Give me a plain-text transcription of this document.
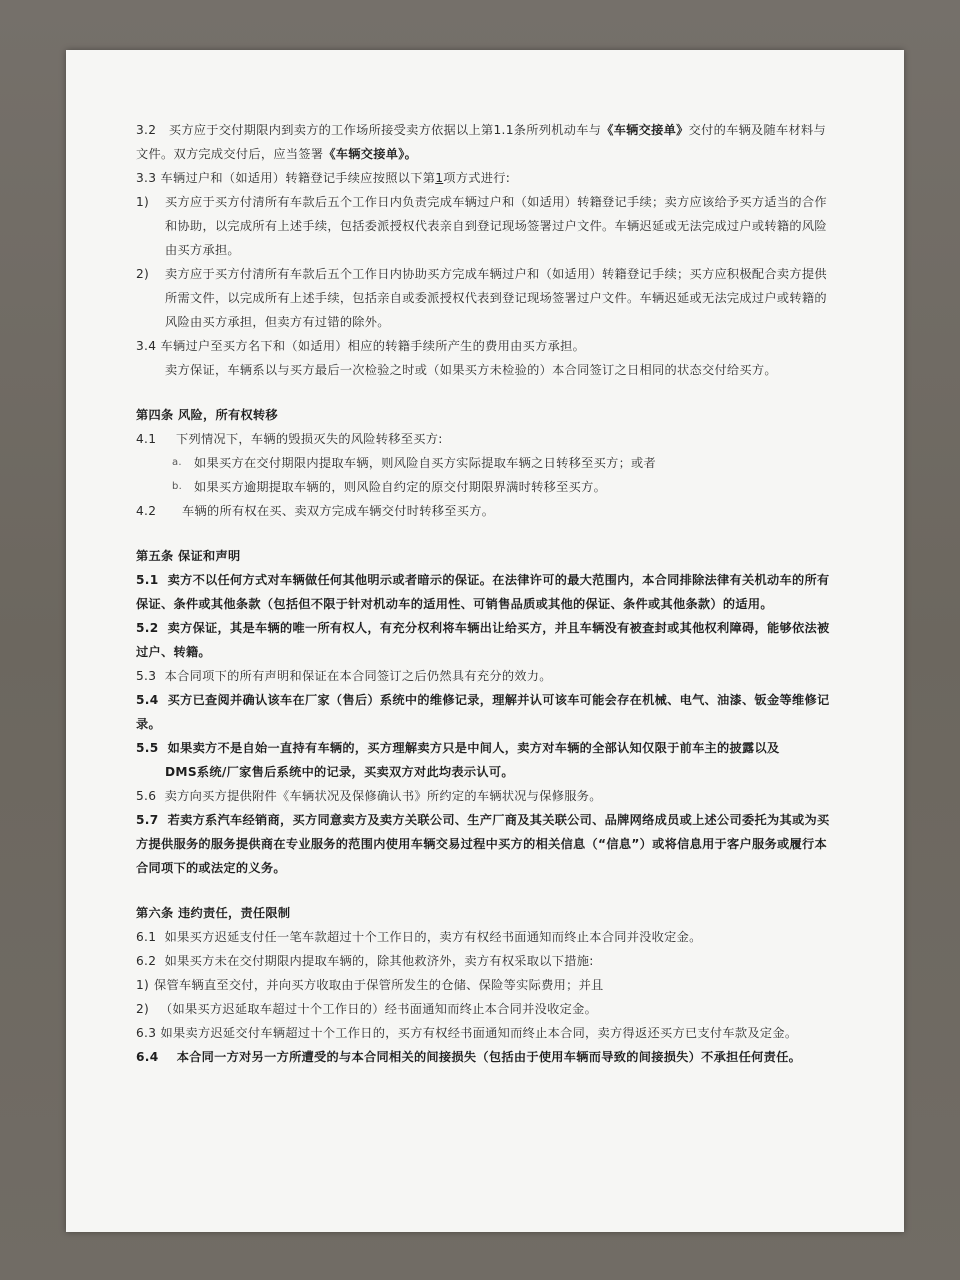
3.2 买方应于交付期限内到卖方的工作场所接受卖方依据以上第1.1条所列机动车与《车辆交接单》交付的车辆及随车材料与文件。双方完成交付后，应当签署《车辆交接单》。

3.3 车辆过户和（如适用）转籍登记手续应按照以下第1项方式进行:

1)	买方应于买方付清所有车款后五个工作日内负责完成车辆过户和（如适用）转籍登记手续；卖方应该给予买方适当的合作和协助，以完成所有上述手续，包括委派授权代表亲自到登记现场签署过户文件。车辆迟延或无法完成过户或转籍的风险由买方承担。
2)	卖方应于买方付清所有车款后五个工作日内协助买方完成车辆过户和（如适用）转籍登记手续；买方应积极配合卖方提供所需文件，以完成所有上述手续，包括亲自或委派授权代表到登记现场签署过户文件。车辆迟延或无法完成过户或转籍的风险由买方承担，但卖方有过错的除外。

3.4 车辆过户至买方名下和（如适用）相应的转籍手续所产生的费用由买方承担。

卖方保证，车辆系以与买方最后一次检验之时或（如果买方未检验的）本合同签订之日相同的状态交付给买方。

第四条 风险，所有权转移

4.1	下列情况下，车辆的毁损灭失的风险转移至买方:
a. 如果买方在交付期限内提取车辆，则风险自买方实际提取车辆之日转移至买方；或者
b. 如果买方逾期提取车辆的，则风险自约定的原交付期限界满时转移至买方。
4.2	车辆的所有权在买、卖双方完成车辆交付时转移至买方。

第五条 保证和声明

5.1 卖方不以任何方式对车辆做任何其他明示或者暗示的保证。在法律许可的最大范围内，本合同排除法律有关机动车的所有保证、条件或其他条款（包括但不限于针对机动车的适用性、可销售品质或其他的保证、条件或其他条款）的适用。

5.2 卖方保证，其是车辆的唯一所有权人，有充分权利将车辆出让给买方，并且车辆没有被查封或其他权利障碍，能够依法被过户、转籍。

5.3 本合同项下的所有声明和保证在本合同签订之后仍然具有充分的效力。

5.4 买方已查阅并确认该车在厂家（售后）系统中的维修记录，理解并认可该车可能会存在机械、电气、油漆、钣金等维修记录。

5.5 如果卖方不是自始一直持有车辆的，买方理解卖方只是中间人，卖方对车辆的全部认知仅限于前车主的披露以及

DMS系统/厂家售后系统中的记录，买卖双方对此均表示认可。

5.6 卖方向买方提供附件《车辆状况及保修确认书》所约定的车辆状况与保修服务。

5.7 若卖方系汽车经销商，买方同意卖方及卖方关联公司、生产厂商及其关联公司、品牌网络成员或上述公司委托为其或为买方提供服务的服务提供商在专业服务的范围内使用车辆交易过程中买方的相关信息（“信息”）或将信息用于客户服务或履行本合同项下的或法定的义务。

第六条 违约责任，责任限制

6.1 如果买方迟延支付任一笔车款超过十个工作日的，卖方有权经书面通知而终止本合同并没收定金。

6.2 如果买方未在交付期限内提取车辆的，除其他救济外，卖方有权采取以下措施:

1) 保管车辆直至交付，并向买方收取由于保管所发生的仓储、保险等实际费用；并且
2) （如果买方迟延取车超过十个工作日的）经书面通知而终止本合同并没收定金。

6.3 如果卖方迟延交付车辆超过十个工作日的，买方有权经书面通知而终止本合同，卖方得返还买方已支付车款及定金。

6.4 本合同一方对另一方所遭受的与本合同相关的间接损失（包括由于使用车辆而导致的间接损失）不承担任何责任。
